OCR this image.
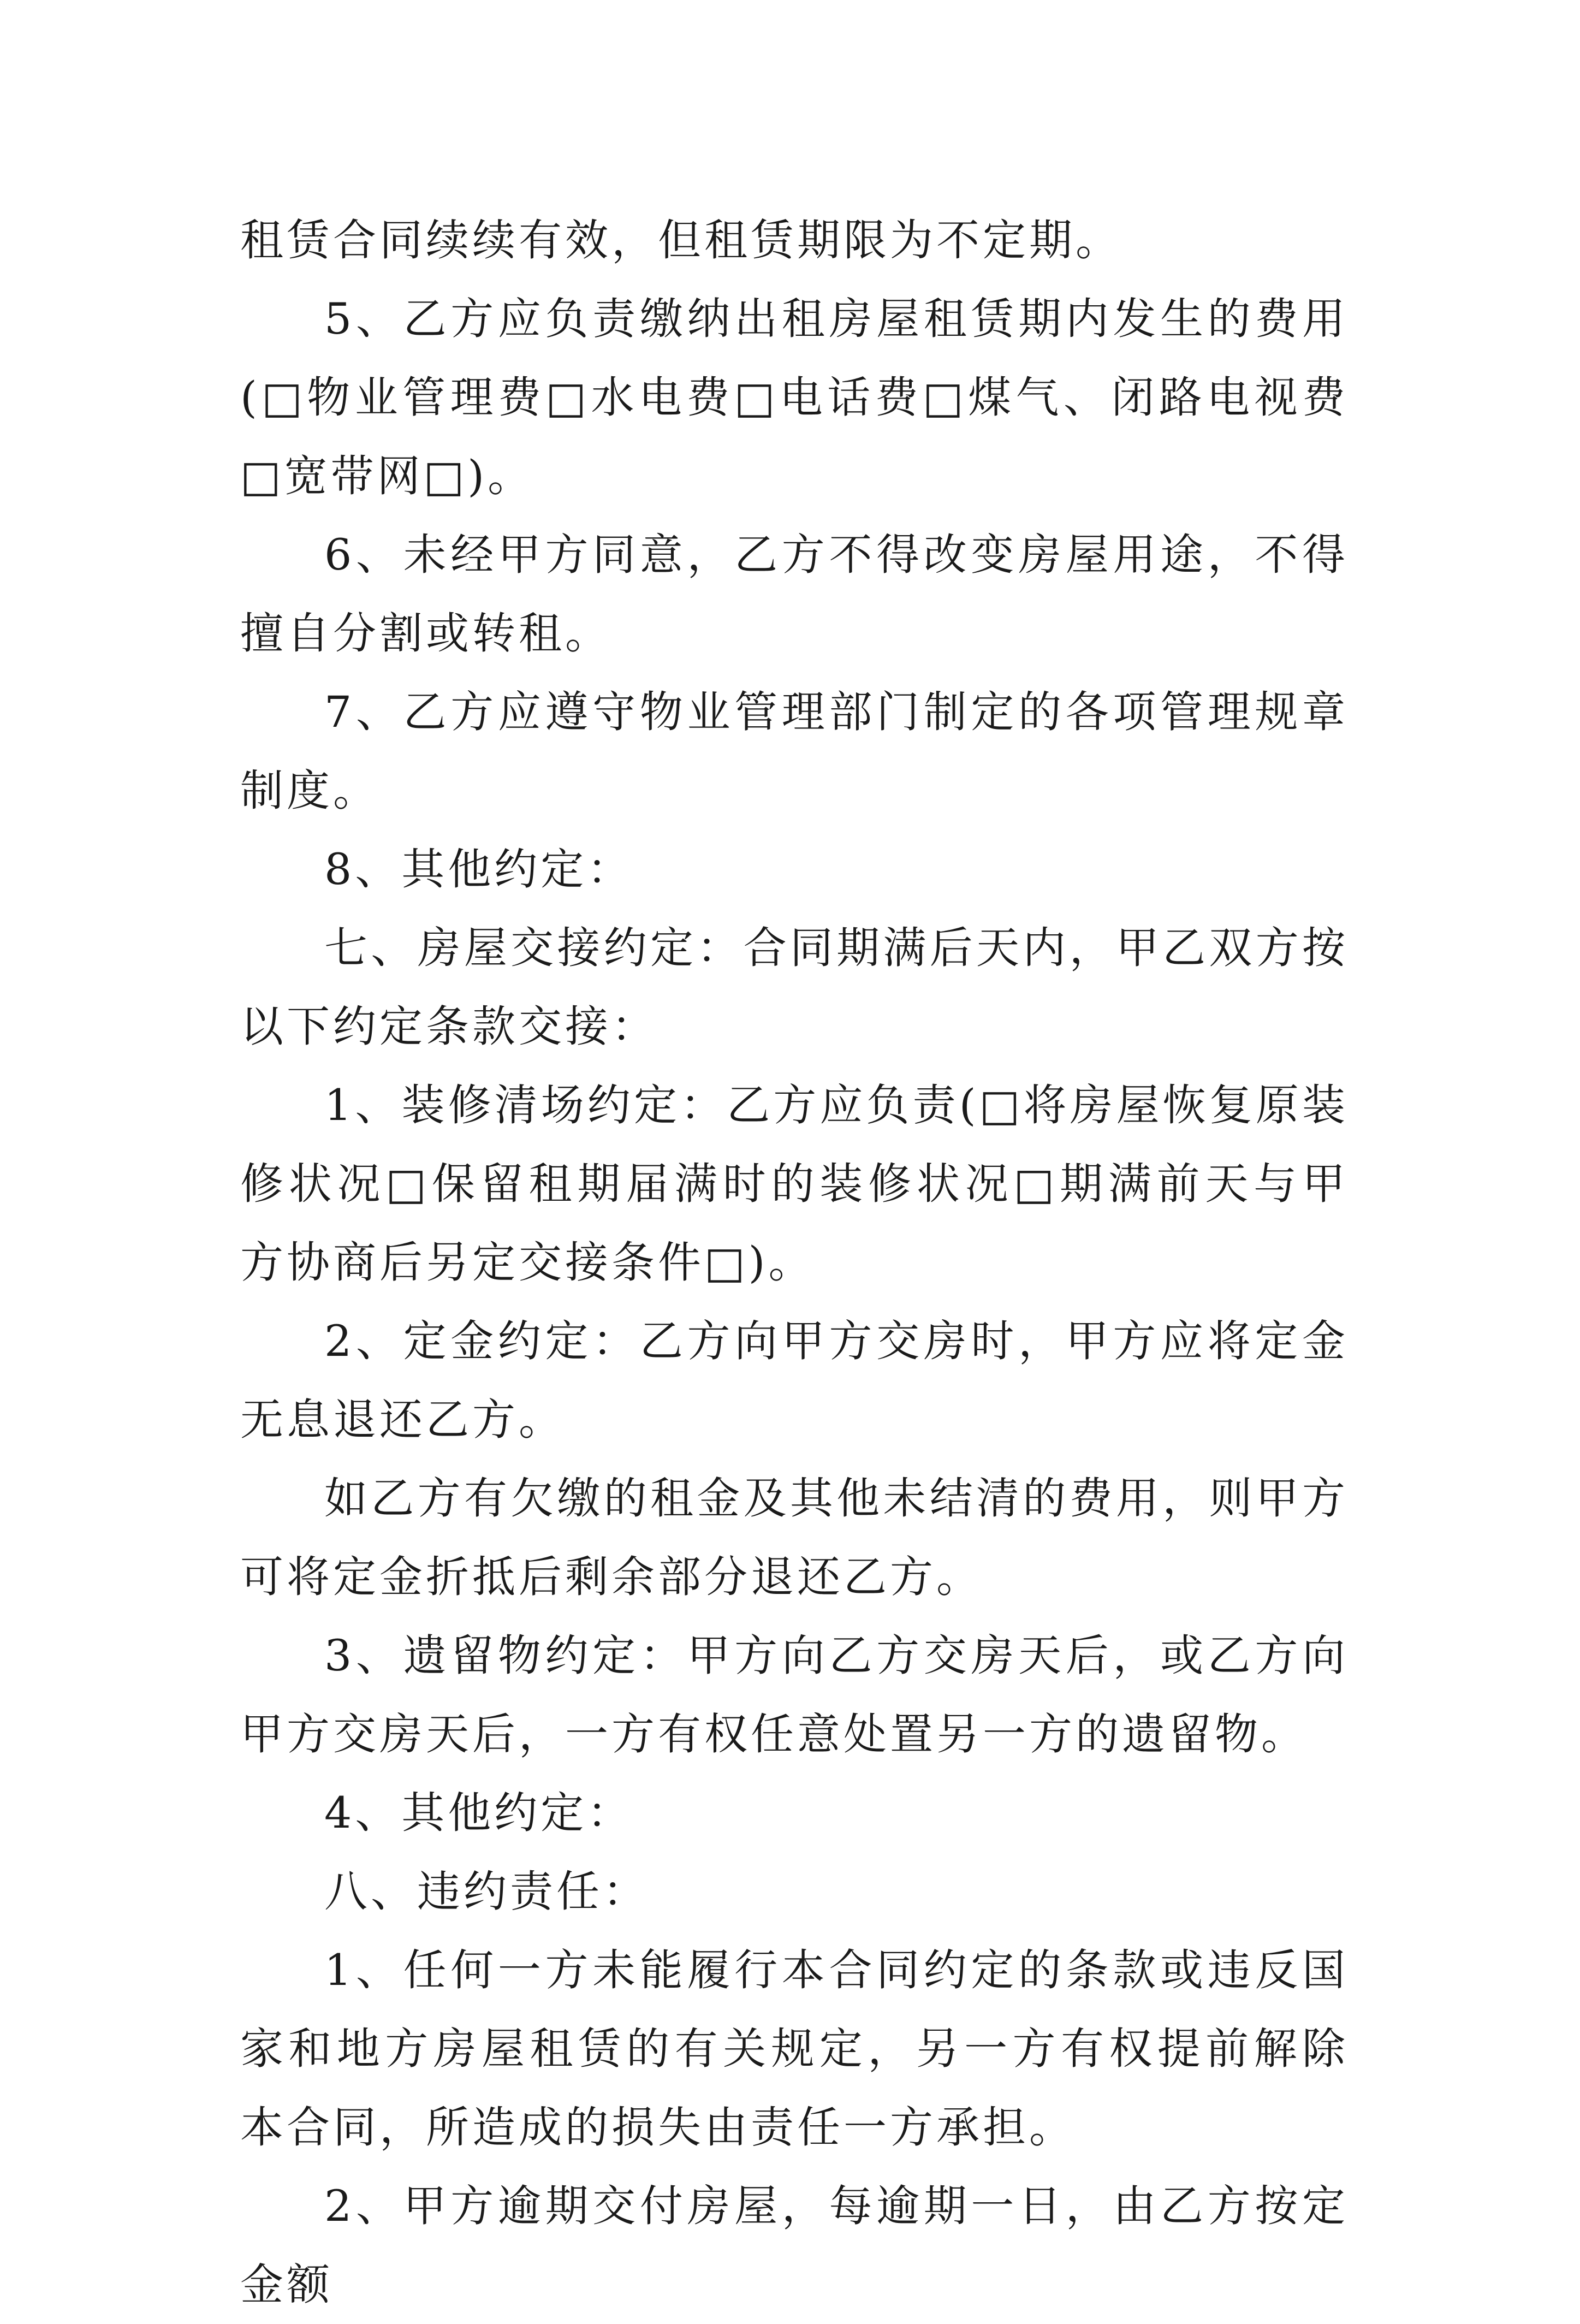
租赁合同续续有效，但租赁期限为不定期。

5、乙方应负责缴纳出租房屋租赁期内发生的费用(□物业管理费□水电费□电话费□煤气、闭路电视费□宽带网□)。

6、未经甲方同意，乙方不得改变房屋用途，不得擅自分割或转租。

7、乙方应遵守物业管理部门制定的各项管理规章制度。

8、其他约定：

七、房屋交接约定：合同期满后天内，甲乙双方按以下约定条款交接：

1、装修清场约定：乙方应负责(□将房屋恢复原装修状况□保留租期届满时的装修状况□期满前天与甲方协商后另定交接条件□)。

2、定金约定：乙方向甲方交房时，甲方应将定金无息退还乙方。

如乙方有欠缴的租金及其他未结清的费用，则甲方可将定金折抵后剩余部分退还乙方。

3、遗留物约定：甲方向乙方交房天后，或乙方向甲方交房天后，一方有权任意处置另一方的遗留物。

4、其他约定：

八、违约责任：

1、任何一方未能履行本合同约定的条款或违反国家和地方房屋租赁的有关规定，另一方有权提前解除本合同，所造成的损失由责任一方承担。

2、甲方逾期交付房屋，每逾期一日，由乙方按定金额
